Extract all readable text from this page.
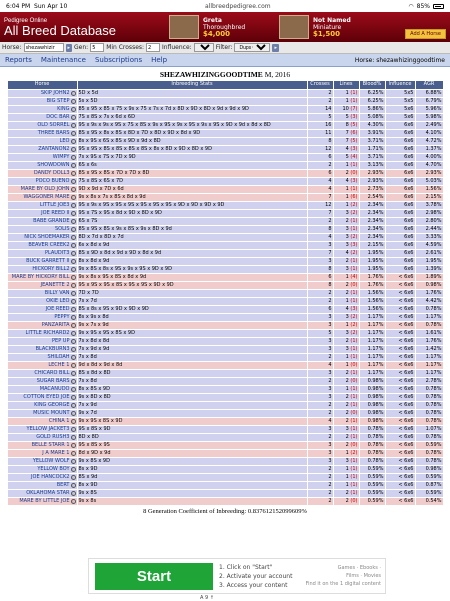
6:04 PM Sun Apr 10	allbreedpedigree.com	◠ 85%
Pedigree Online
All Breed Database
Greta
Thoroughbred
$4,000
Not Named
Miniature
$1,500	Add A Horse
Horse:
shezawhizir	▸ Gen:
5	Min Crosses:
2	Influence:
All	Filter:
Dups Only	▸
Reports Maintenance Subscriptions Help	Horse: shezawhizinggoodtime
SHEZAWHIZINGGOODTIME M, 2016
Horse	Inbreeding Stats	Crosses	Lines	Blood%	Influence	AGR
SKIP JOHN2 i	5D x 5d	2	1 (1)	6.25%	5x5	6.88%
BIG STEP i	5s x 5D	2	1 (1)	6.25%	5x5	6.79%
KING i	85 x 95 x 85 x 75 x 9s x 75 x 7s x 7d x 8D x 9D x 8D x 9d x 9d x 9D	14	10 (7)	5.86%	5x6	5.96%
DOC BAR i	7S x 8S x 7s x 6d x 6D	5	5 (3)	5.08%	5x6	5.98%
OLD SORREL i	9S x 9s x 9s x 9S x 7S x 8S x 9s x 9S x 9s x 9S x 9s x 9S x 9D x 9d x 8d x 8D	16	8 (5)	4.30%	6x6	2.49%
THREE BARS i	8S x 9S x 8s x 8S x 8D x 7D x 8D x 9D x 8d x 9D	11	7 (6)	3.91%	6x6	4.10%
LEO i	8s x 9S x 6S x 8S x 9D x 9d x 8D	8	7 (5)	3.71%	6x6	4.72%
ZANTANON2 i	9S x 9S x 8S x 8S x 8S x 8S x 8s x 8D x 9D x 8D x 9D	12	4 (3)	1.71%	6x6	1.37%
WIMPY i	7s x 9S x 7S x 7D x 9D	6	5 (4)	3.71%	6x6	4.00%
SHOWDOWN i	6S x 6s	2	1 (1)	3.13%	6x6	4.70%
DANDY DOLL3 i	8S x 9S x 8S x 7D x 7D x 8D	6	2 (0)	2.93%	6x6	2.93%
POCO BUENO i	7S x 8S x 6S x 7D	4	4 (3)	2.93%	6x6	5.03%
MARE BY OLD JOHN i	9D x 9d x 7D x 6d	4	1 (1)	2.73%	6x6	1.56%
WAGGONER MARE i	9s x 8s x 7s x 8S x 8d x 9d	7	1 (6)	2.54%	6x6	2.15%
LITTLE JOE3 i	9S x 9s x 9S x 9S x 9S x 9S x 9S x 9S x 9D x 9D x 9D x 9D	12	1 (2)	2.34%	6x6	3.78%
JOE REED II i	9S x 7S x 9S x 8d x 9D x 8D x 9D	7	3 (2)	2.34%	6x6	2.98%
BABE GRANDE i	6S x 7S	2	2 (1)	2.34%	6x6	2.80%
SOLIS i	8S x 9S x 8S x 9s x 8S x 9s x 8D x 9d	8	3 (1)	2.34%	6x6	2.44%
NICK SHOEMAKER i	8D x 7d x 8D x 7d	4	3 (2)	2.34%	6x6	3.33%
BEAVER CREEK2 i	6s x 8d x 9d	3	3 (3)	2.15%	6x6	4.59%
PLAUDIT3 i	8S x 9D x 8d x 9d x 9D x 8d x 9d	7	4 (2)	1.95%	6x6	2.61%
BUCK GARRETT II i	8s x 8d x 9d	3	2 (1)	1.95%	6x6	1.95%
HICKORY BILL2 i	9s x 8S x 8s x 9S x 9s x 9S x 9D x 9D	8	3 (1)	1.95%	6x6	1.39%
MARE BY HICKORY BILL i	9s x 8s x 9S x 8S x 8d x 9d	6	1 (4)	1.76%	< 6x6	1.89%
JEANETTE 2 i	9S x 9S x 9S x 8S x 9S x 9S x 9D x 9D	8	2 (0)	1.76%	< 6x6	0.98%
BILLY VAN i	7D x 7D	2	2 (1)	1.56%	< 6x6	1.76%
OKIE LEO i	7s x 7d	2	1 (1)	1.56%	< 6x6	4.42%
JOE REED i	8S x 8s x 9S x 9D x 9D x 9D	6	4 (3)	1.56%	< 6x6	0.78%
PEPPY i	8s x 9s x 8d	3	3 (2)	1.17%	< 6x6	1.17%
PANZARITA i	9s x 7s x 9d	3	1 (2)	1.17%	< 6x6	0.78%
LITTLE RICHARD2 i	9s x 9S x 9S x 8S x 9D	5	3 (2)	1.17%	< 6x6	1.61%
PEP UP i	7s x 8d x 8d	3	2 (1)	1.17%	< 6x6	1.76%
BLACKBURN3 i	7s x 9d x 9d	3	3 (1)	1.17%	< 6x6	1.42%
SHILOAH i	7s x 8d	2	1 (1)	1.17%	< 6x6	1.17%
LECHE 1 i	9d x 8d x 9d x 8d	4	1 (0)	1.17%	< 6x6	1.17%
CHICARO BILL i	8S x 8d x 8D	3	2 (1)	1.17%	< 6x6	1.17%
SUGAR BARS i	7s x 8d	2	2 (0)	0.98%	< 6x6	2.78%
MACANUDO i	8s x 8S x 9D	3	1 (1)	0.98%	< 6x6	0.78%
COTTON EYED JOE i	9s x 8D x 8D	3	2 (1)	0.98%	< 6x6	0.78%
KING GEORGE i	7s x 9d	2	2 (1)	0.98%	< 6x6	0.78%
MUSIC MOUNT i	9s x 7d	2	2 (0)	0.98%	< 6x6	0.78%
CHINA 1 i	9s x 9S x 8S x 9D	4	2 (1)	0.98%	< 6x6	0.78%
YELLOW JACKET3 i	9S x 8S x 9D	3	3 (1)	0.78%	< 6x6	1.07%
GOLD RUSH3 i	8D x 8D	2	2 (1)	0.78%	< 6x6	0.78%
BELLE STARR 1 i	9S x 8S x 9S	3	2 (0)	0.78%	< 6x6	0.59%
J A MARE 1 i	8d x 9D x 9d	3	1 (2)	0.78%	< 6x6	0.78%
YELLOW WOLF i	9s x 8S x 9D	3	3 (1)	0.78%	< 6x6	0.78%
YELLOW BOY i	8s x 9D	2	1 (1)	0.59%	< 6x6	0.98%
JOE HANCOCK2 i	8S x 9d	2	1 (1)	0.59%	< 6x6	0.59%
BERT i	8s x 9D	2	1 (1)	0.59%	< 6x6	0.87%
OKLAHOMA STAR i	9s x 8S	2	2 (1)	0.59%	< 6x6	0.59%
MARE BY LITTLE JOE i	9s x 8s	2	2 (0)	0.59%	< 6x6	0.54%
8 Generation Coefficient of Inbreeding: 0.837612152099609%
Start
1. Click on "Start"
2. Activate your account
3. Access your content
Games · Ebooks ·
Films · Movies
Find it on the 1 digital content
A 9 ↑
